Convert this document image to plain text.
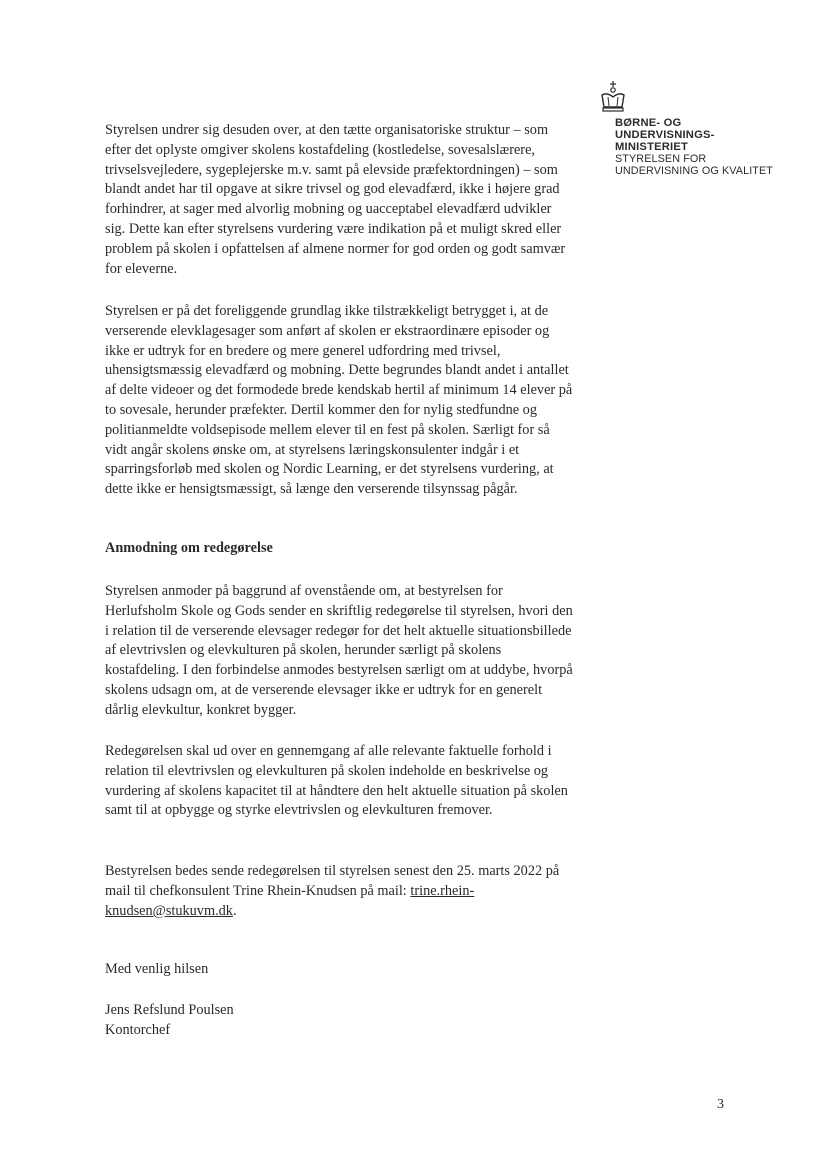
BØRNE- OG
UNDERVISNINGS-
MINISTERIET
STYRELSEN FOR
UNDERVISNING OG KVALITET

Styrelsen undrer sig desuden over, at den tætte organisatoriske struktur – som efter det oplyste omgiver skolens kostafdeling (kostledelse, sovesalslærere, trivselsvejledere, sygeplejerske m.v. samt på elevside præfektordningen) – som blandt andet har til opgave at sikre trivsel og god elevadfærd, ikke i højere grad forhindrer, at sager med alvorlig mobning og uacceptabel elevadfærd udvikler sig. Dette kan efter styrelsens vurdering være indikation på et muligt skred eller problem på skolen i opfattelsen af almene normer for god orden og godt samvær for eleverne.

Styrelsen er på det foreliggende grundlag ikke tilstrækkeligt betrygget i, at de verserende elevklagesager som anført af skolen er ekstraordinære episoder og ikke er udtryk for en bredere og mere generel udfordring med trivsel, uhensigtsmæssig elevadfærd og mobning. Dette begrundes blandt andet i antallet af delte videoer og det formodede brede kendskab hertil af minimum 14 elever på to sovesale, herunder præfekter. Dertil kommer den for nylig stedfundne og politianmeldte voldsepisode mellem elever til en fest på skolen. Særligt for så vidt angår skolens ønske om, at styrelsens læringskonsulenter indgår i et sparringsforløb med skolen og Nordic Learning, er det styrelsens vurdering, at dette ikke er hensigtsmæssigt, så længe den verserende tilsynssag pågår.

Anmodning om redegørelse

Styrelsen anmoder på baggrund af ovenstående om, at bestyrelsen for Herlufsholm Skole og Gods sender en skriftlig redegørelse til styrelsen, hvori den i relation til de verserende elevsager redegør for det helt aktuelle situationsbillede af elevtrivslen og elevkulturen på skolen, herunder særligt på skolens kostafdeling. I den forbindelse anmodes bestyrelsen særligt om at uddybe, hvorpå skolens udsagn om, at de verserende elevsager ikke er udtryk for en generelt dårlig elevkultur, konkret bygger.

Redegørelsen skal ud over en gennemgang af alle relevante faktuelle forhold i relation til elevtrivslen og elevkulturen på skolen indeholde en beskrivelse og vurdering af skolens kapacitet til at håndtere den helt aktuelle situation på skolen samt til at opbygge og styrke elevtrivslen og elevkulturen fremover.

Bestyrelsen bedes sende redegørelsen til styrelsen senest den 25. marts 2022 på mail til chefkonsulent Trine Rhein-Knudsen på mail: trine.rhein-knudsen@stukuvm.dk.

Med venlig hilsen

Jens Refslund Poulsen

Kontorchef

3
